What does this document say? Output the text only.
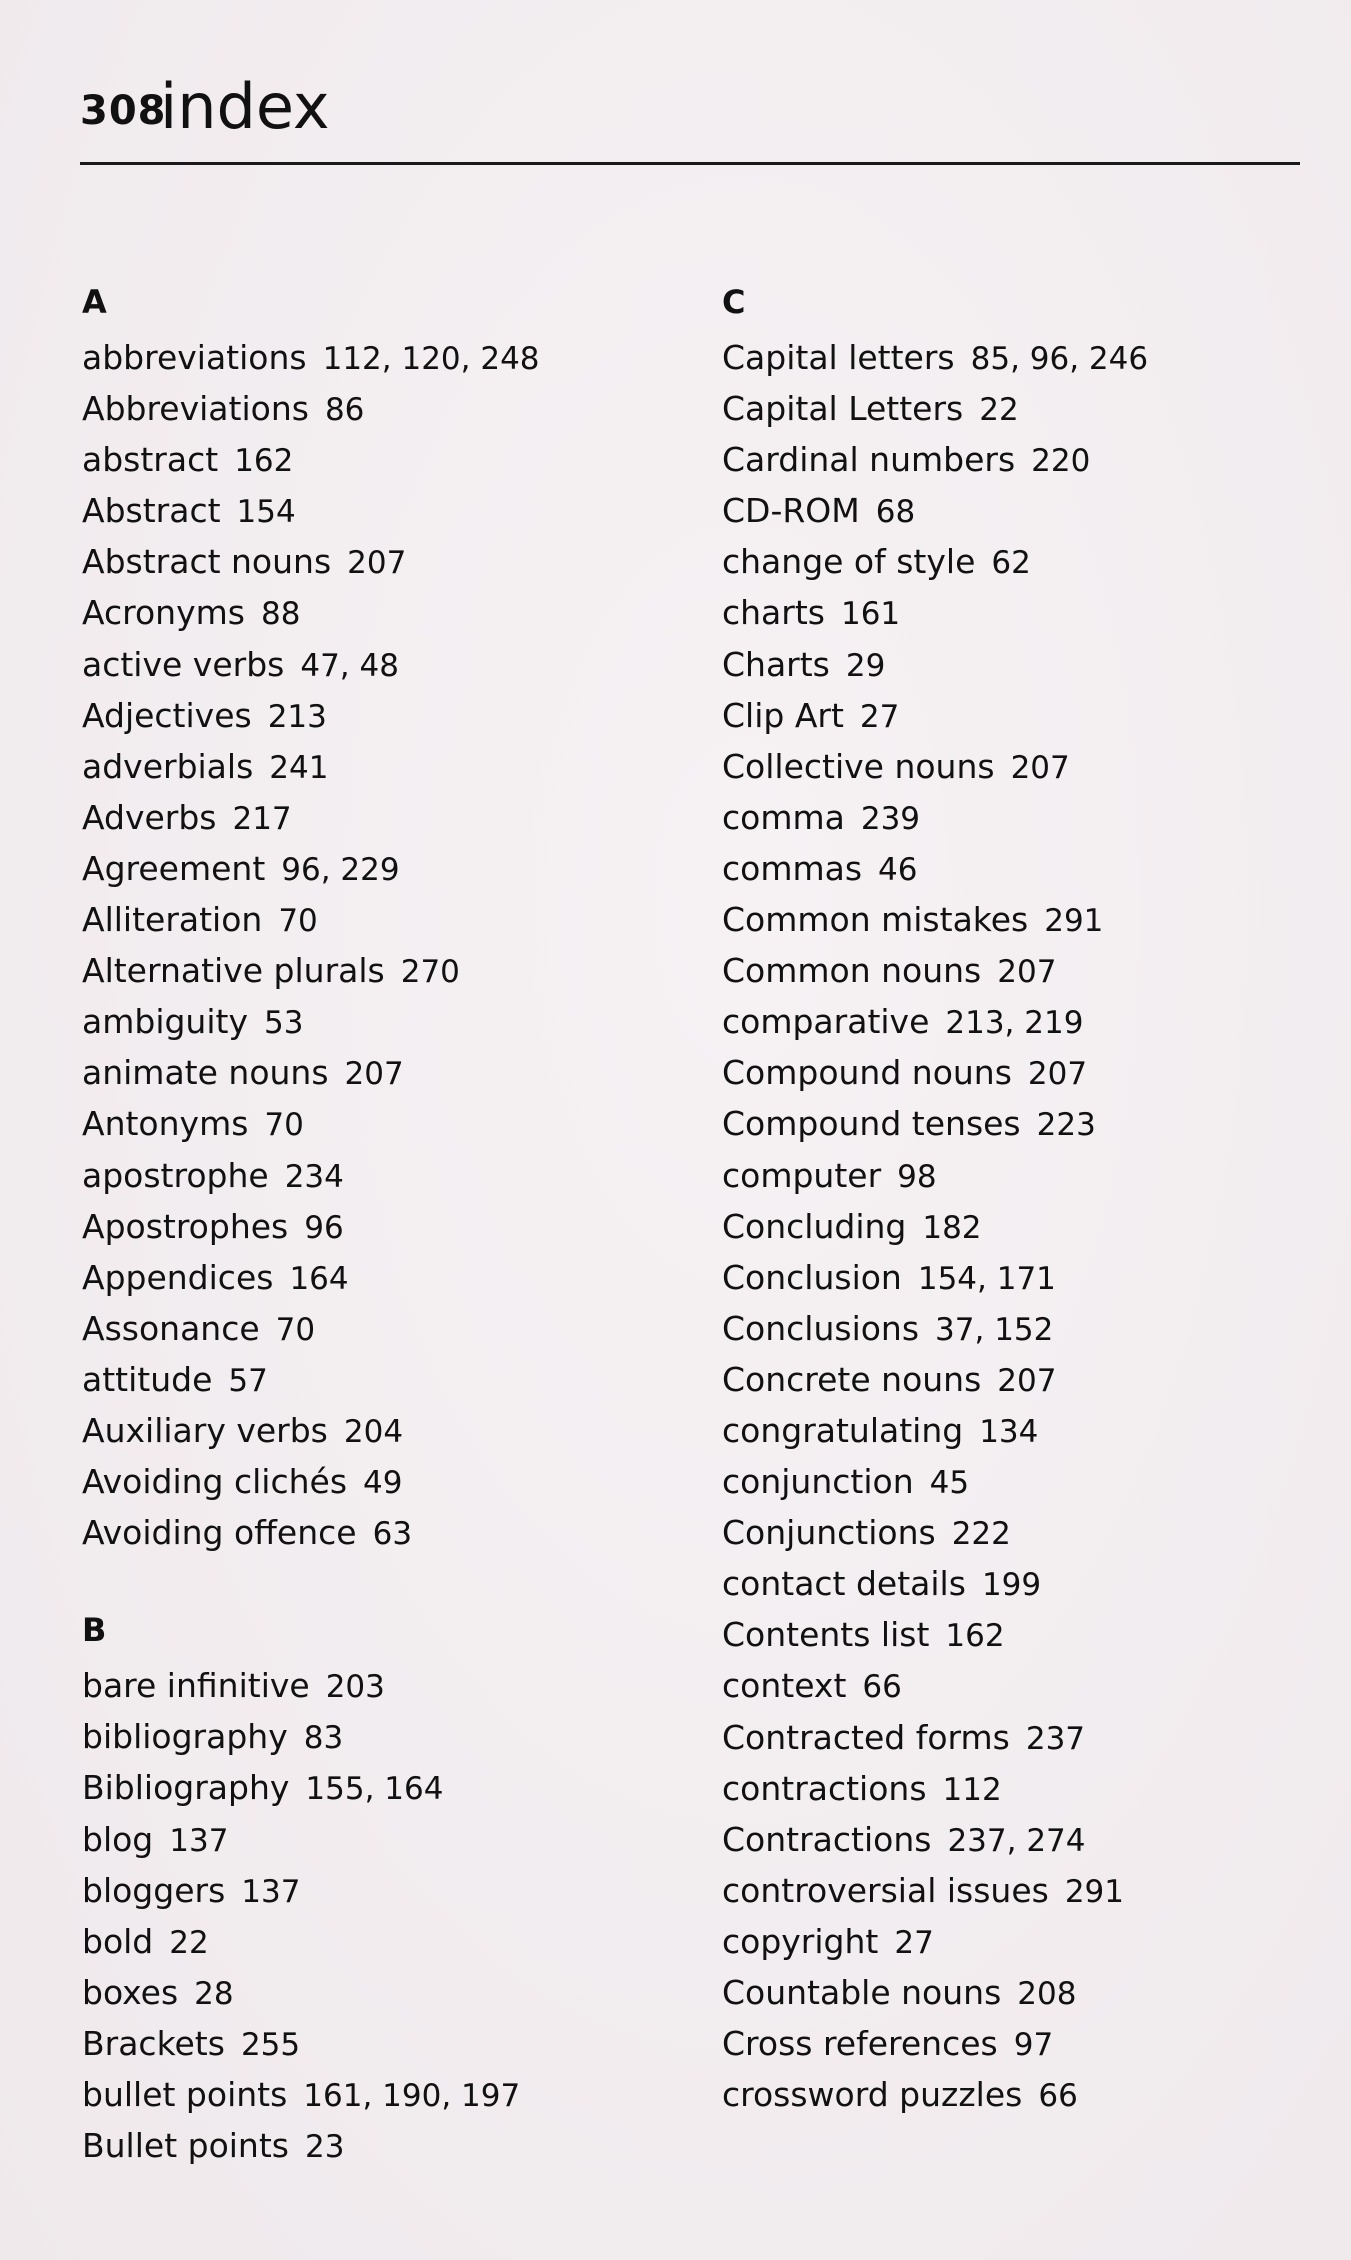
308
index
A
abbreviations 112, 120, 248
Abbreviations 86
abstract 162
Abstract 154
Abstract nouns 207
Acronyms 88
active verbs 47, 48
Adjectives 213
adverbials 241
Adverbs 217
Agreement 96, 229
Alliteration 70
Alternative plurals 270
ambiguity 53
animate nouns 207
Antonyms 70
apostrophe 234
Apostrophes 96
Appendices 164
Assonance 70
attitude 57
Auxiliary verbs 204
Avoiding clichés 49
Avoiding offence 63
B
bare infinitive 203
bibliography 83
Bibliography 155, 164
blog 137
bloggers 137
bold 22
boxes 28
Brackets 255
bullet points 161, 190, 197
Bullet points 23
C
Capital letters 85, 96, 246
Capital Letters 22
Cardinal numbers 220
CD-ROM 68
change of style 62
charts 161
Charts 29
Clip Art 27
Collective nouns 207
comma 239
commas 46
Common mistakes 291
Common nouns 207
comparative 213, 219
Compound nouns 207
Compound tenses 223
computer 98
Concluding 182
Conclusion 154, 171
Conclusions 37, 152
Concrete nouns 207
congratulating 134
conjunction 45
Conjunctions 222
contact details 199
Contents list 162
context 66
Contracted forms 237
contractions 112
Contractions 237, 274
controversial issues 291
copyright 27
Countable nouns 208
Cross references 97
crossword puzzles 66
